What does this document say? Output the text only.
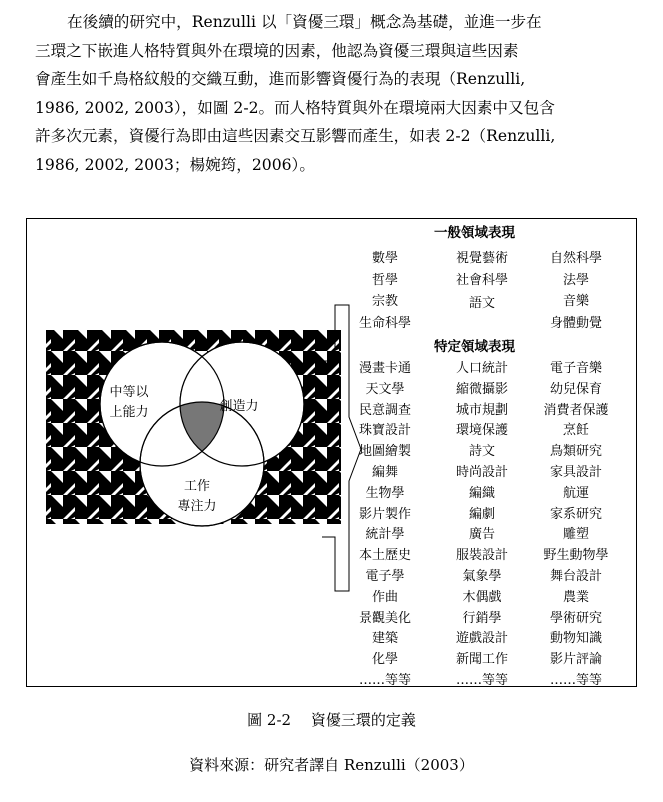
在後續的研究中，Renzulli 以「資優三環」概念為基礎，並進一步在
三環之下嵌進人格特質與外在環境的因素，他認為資優三環與這些因素
會產生如千鳥格紋般的交織互動，進而影響資優行為的表現（Renzulli,
1986, 2002, 2003），如圖 2-2。而人格特質與外在環境兩大因素中又包含
許多次元素，資優行為即由這些因素交互影響而產生，如表 2-2（Renzulli,
1986, 2002, 2003；楊婉筠，2006）。
中等以
上能力	創造力
工作
專注力
一般領域表現
特定領域表現
數學
哲學
宗教
生命科學
視覺藝術
社會科學
語文
自然科學
法學
音樂
身體動覺
漫畫卡通
天文學
民意調查
珠寶設計
地圖繪製
編舞
生物學
影片製作
統計學
本土歷史
電子學
作曲
景觀美化
建築
化學
……等等
人口統計
縮微攝影
城市規劃
環境保護
詩文
時尚設計
編織
編劇
廣告
服裝設計
氣象學
木偶戲
行銷學
遊戲設計
新聞工作
……等等
電子音樂
幼兒保育
消費者保護
烹飪
鳥類研究
家具設計
航運
家系研究
雕塑
野生動物學
舞台設計
農業
學術研究
動物知識
影片評論
……等等
圖 2-2　 資優三環的定義
資料來源：研究者譯自 Renzulli（2003）
